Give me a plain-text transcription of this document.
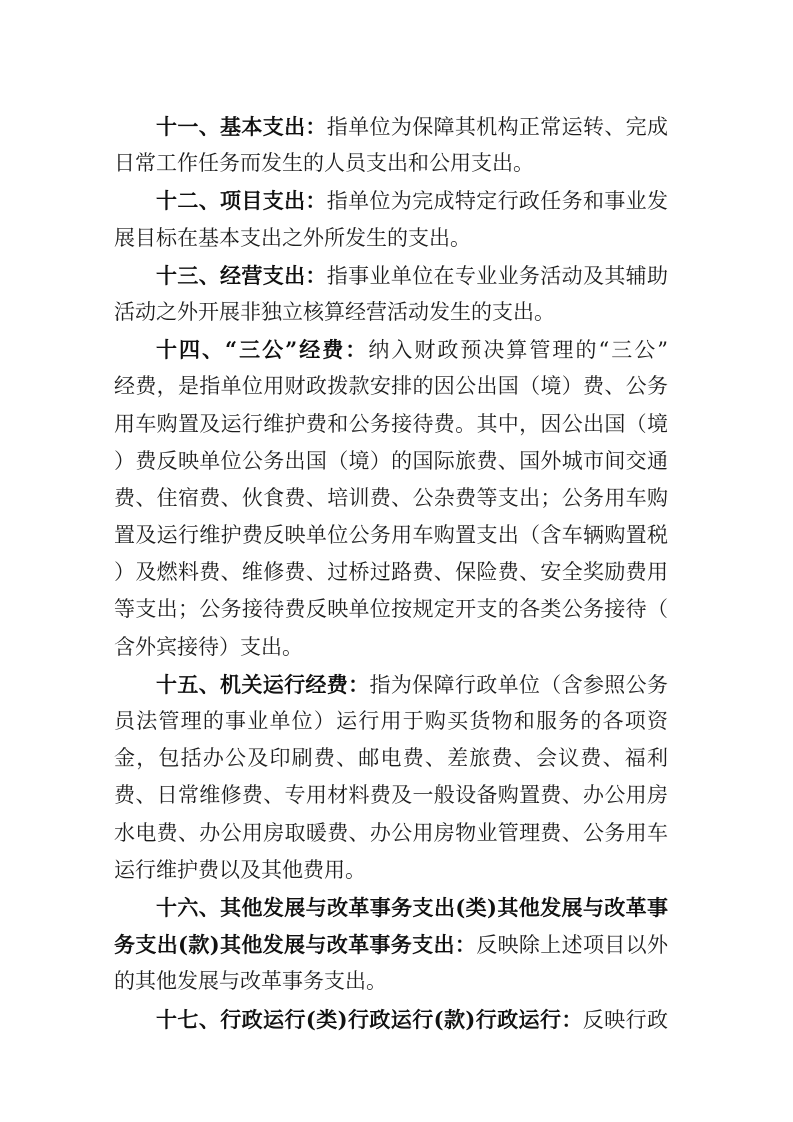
十一、基本支出：指单位为保障其机构正常运转、完成
日常工作任务而发生的人员支出和公用支出。
十二、项目支出：指单位为完成特定行政任务和事业发
展目标在基本支出之外所发生的支出。
十三、经营支出：指事业单位在专业业务活动及其辅助
活动之外开展非独立核算经营活动发生的支出。
十四、“三公”经费：纳入财政预决算管理的“三公”
经费，是指单位用财政拨款安排的因公出国（境）费、公务
用车购置及运行维护费和公务接待费。其中，因公出国（境
）费反映单位公务出国（境）的国际旅费、国外城市间交通
费、住宿费、伙食费、培训费、公杂费等支出；公务用车购
置及运行维护费反映单位公务用车购置支出（含车辆购置税
）及燃料费、维修费、过桥过路费、保险费、安全奖励费用
等支出；公务接待费反映单位按规定开支的各类公务接待（
含外宾接待）支出。
十五、机关运行经费：指为保障行政单位（含参照公务
员法管理的事业单位）运行用于购买货物和服务的各项资
金，包括办公及印刷费、邮电费、差旅费、会议费、福利
费、日常维修费、专用材料费及一般设备购置费、办公用房
水电费、办公用房取暖费、办公用房物业管理费、公务用车
运行维护费以及其他费用。
十六、其他发展与改革事务支出(类)其他发展与改革事
务支出(款)其他发展与改革事务支出：反映除上述项目以外
的其他发展与改革事务支出。
十七、行政运行(类)行政运行(款)行政运行：反映行政
